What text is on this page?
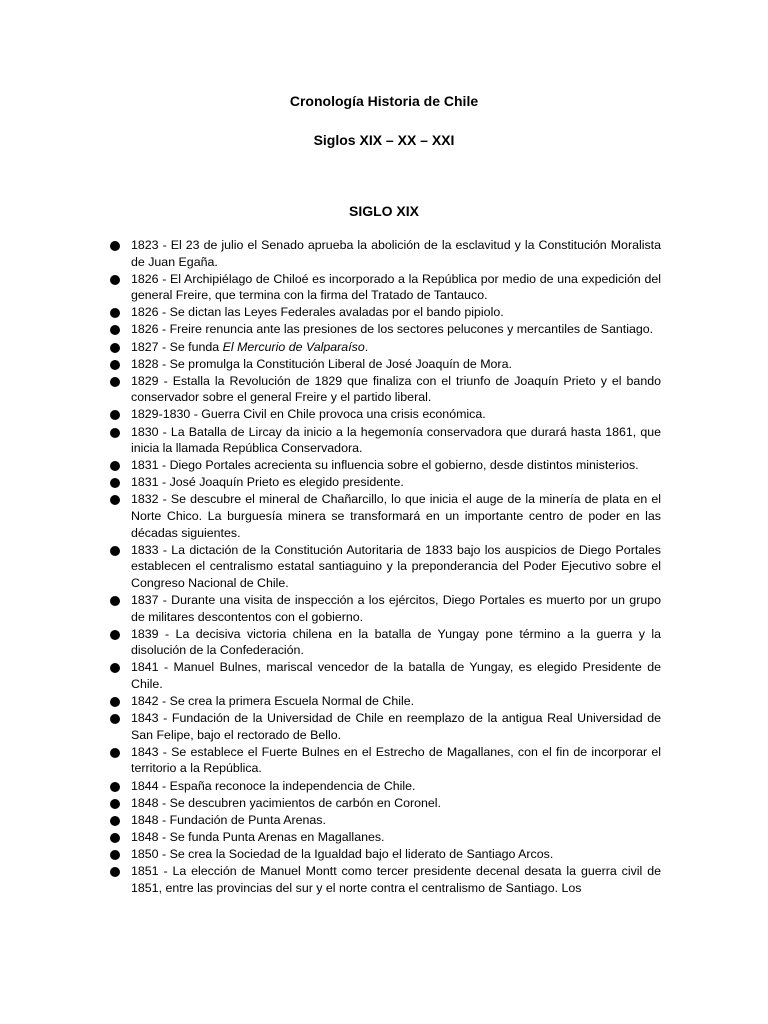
Cronología Historia de Chile
Siglos XIX – XX – XXI
SIGLO XIX
1823 - El 23 de julio el Senado aprueba la abolición de la esclavitud y la Constitución Moralista de Juan Egaña.
1826 - El Archipiélago de Chiloé es incorporado a la República por medio de una expedición del general Freire, que termina con la firma del Tratado de Tantauco.
1826 - Se dictan las Leyes Federales avaladas por el bando pipiolo.
1826 - Freire renuncia ante las presiones de los sectores pelucones y mercantiles de Santiago.
1827 - Se funda El Mercurio de Valparaíso.
1828 - Se promulga la Constitución Liberal de José Joaquín de Mora.
1829 - Estalla la Revolución de 1829 que finaliza con el triunfo de Joaquín Prieto y el bando conservador sobre el general Freire y el partido liberal.
1829-1830 - Guerra Civil en Chile provoca una crisis económica.
1830 - La Batalla de Lircay da inicio a la hegemonía conservadora que durará hasta 1861, que inicia la llamada República Conservadora.
1831 - Diego Portales acrecienta su influencia sobre el gobierno, desde distintos ministerios.
1831 - José Joaquín Prieto es elegido presidente.
1832 - Se descubre el mineral de Chañarcillo, lo que inicia el auge de la minería de plata en el Norte Chico. La burguesía minera se transformará en un importante centro de poder en las décadas siguientes.
1833 - La dictación de la Constitución Autoritaria de 1833 bajo los auspicios de Diego Portales establecen el centralismo estatal santiaguino y la preponderancia del Poder Ejecutivo sobre el Congreso Nacional de Chile.
1837 - Durante una visita de inspección a los ejércitos, Diego Portales es muerto por un grupo de militares descontentos con el gobierno.
1839 - La decisiva victoria chilena en la batalla de Yungay pone término a la guerra y la disolución de la Confederación.
1841 - Manuel Bulnes, mariscal vencedor de la batalla de Yungay, es elegido Presidente de Chile.
1842 - Se crea la primera Escuela Normal de Chile.
1843 - Fundación de la Universidad de Chile en reemplazo de la antigua Real Universidad de San Felipe, bajo el rectorado de Bello.
1843 - Se establece el Fuerte Bulnes en el Estrecho de Magallanes, con el fin de incorporar el territorio a la República.
1844 - España reconoce la independencia de Chile.
1848 - Se descubren yacimientos de carbón en Coronel.
1848 - Fundación de Punta Arenas.
1848 - Se funda Punta Arenas en Magallanes.
1850 - Se crea la Sociedad de la Igualdad bajo el liderato de Santiago Arcos.
1851 - La elección de Manuel Montt como tercer presidente decenal desata la guerra civil de 1851, entre las provincias del sur y el norte contra el centralismo de Santiago. Los
